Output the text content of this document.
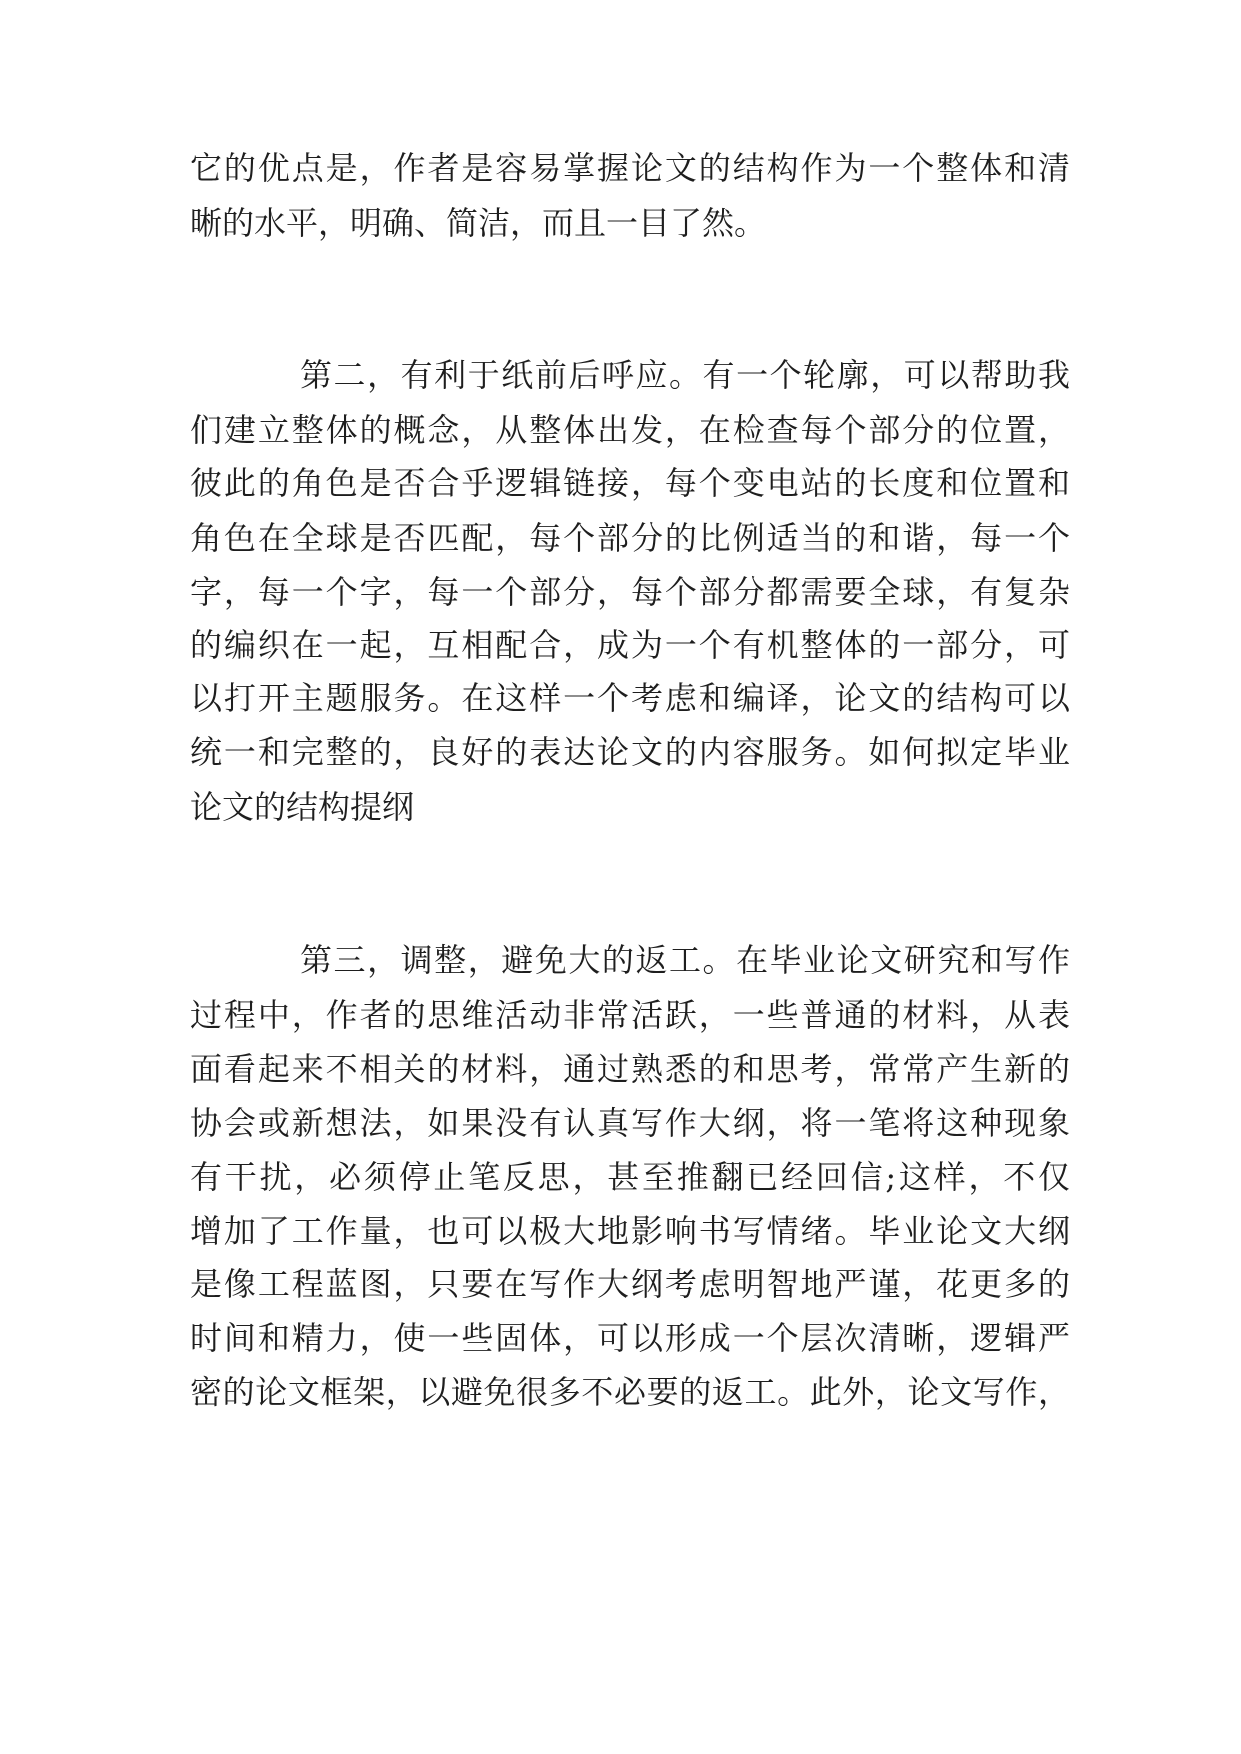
它的优点是，作者是容易掌握论文的结构作为一个整体和清

晰的水平，明确、简洁，而且一目了然。

第二，有利于纸前后呼应。有一个轮廓，可以帮助我

们建立整体的概念，从整体出发，在检查每个部分的位置，

彼此的角色是否合乎逻辑链接，每个变电站的长度和位置和

角色在全球是否匹配，每个部分的比例适当的和谐，每一个

字，每一个字，每一个部分，每个部分都需要全球，有复杂

的编织在一起，互相配合，成为一个有机整体的一部分，可

以打开主题服务。在这样一个考虑和编译，论文的结构可以

统一和完整的，良好的表达论文的内容服务。如何拟定毕业

论文的结构提纲

第三，调整，避免大的返工。在毕业论文研究和写作

过程中，作者的思维活动非常活跃，一些普通的材料，从表

面看起来不相关的材料，通过熟悉的和思考，常常产生新的

协会或新想法，如果没有认真写作大纲，将一笔将这种现象

有干扰，必须停止笔反思，甚至推翻已经回信;这样，不仅

增加了工作量，也可以极大地影响书写情绪。毕业论文大纲

是像工程蓝图，只要在写作大纲考虑明智地严谨，花更多的

时间和精力，使一些固体，可以形成一个层次清晰，逻辑严

密的论文框架，以避免很多不必要的返工。此外，论文写作，
